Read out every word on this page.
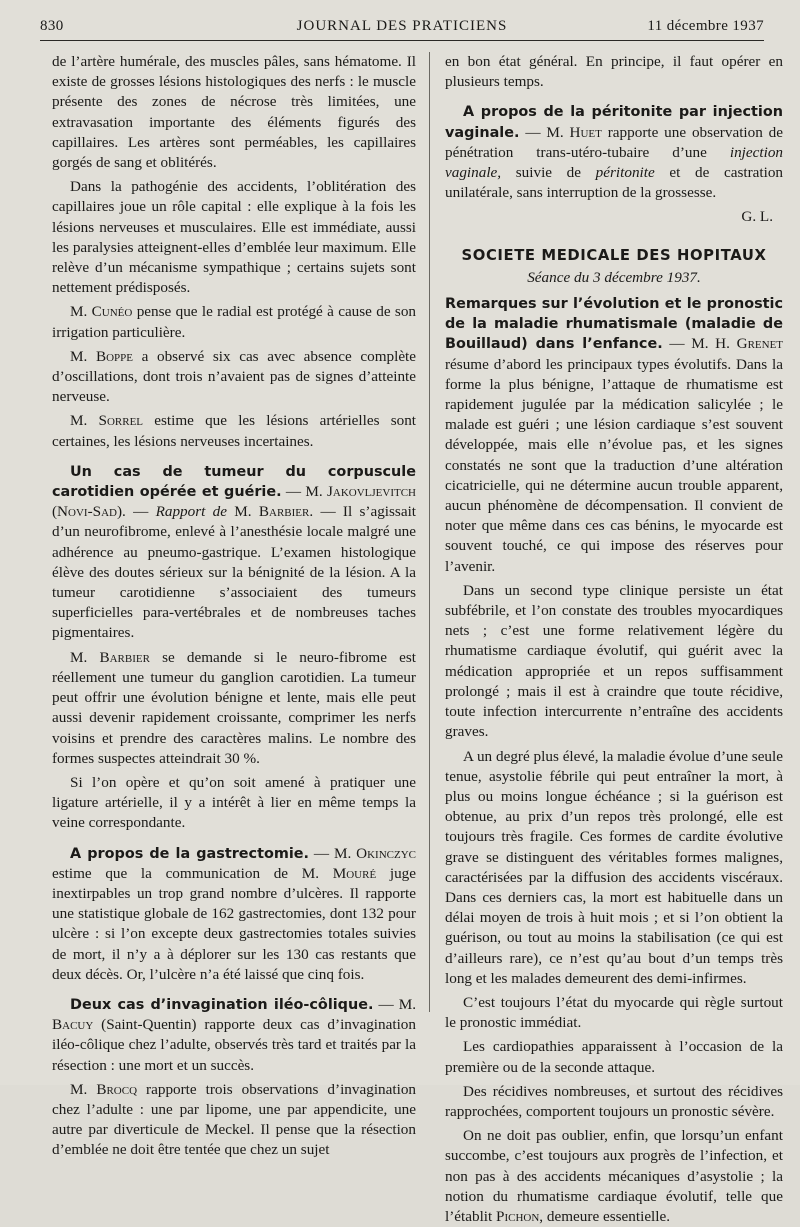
830	JOURNAL DES PRATICIENS	11 décembre 1937

de l’artère humérale, des muscles pâles, sans hématome. Il existe de grosses lésions histologiques des nerfs : le muscle présente des zones de nécrose très limitées, une extravasation importante des éléments figurés des capillaires. Les artères sont perméables, les capillaires gorgés de sang et oblitérés.

Dans la pathogénie des accidents, l’oblitération des capillaires joue un rôle capital : elle explique à la fois les lésions nerveuses et musculaires. Elle est immédiate, aussi les paralysies atteignent-elles d’emblée leur maximum. Elle relève d’un mécanisme sympathique ; certains sujets sont nettement prédisposés.

M. Cunéo pense que le radial est protégé à cause de son irrigation particulière.

M. Boppe a observé six cas avec absence complète d’oscillations, dont trois n’avaient pas de signes d’atteinte nerveuse.

M. Sorrel estime que les lésions artérielles sont certaines, les lésions nerveuses incertaines.

Un cas de tumeur du corpuscule carotidien opérée et guérie. — M. Jakovljevitch (Novi-Sad). — Rapport de M. Barbier. — Il s’agissait d’un neurofibrome, enlevé à l’anesthésie locale malgré une adhérence au pneumo-gastrique. L’examen histologique élève des doutes sérieux sur la bénignité de la lésion. A la tumeur carotidienne s’associaient des tumeurs superficielles para-vertébrales et de nombreuses taches pigmentaires.

M. Barbier se demande si le neuro-fibrome est réellement une tumeur du ganglion carotidien. La tumeur peut offrir une évolution bénigne et lente, mais elle peut aussi devenir rapidement croissante, comprimer les nerfs voisins et prendre des caractères malins. Le nombre des formes suspectes atteindrait 30 %.

Si l’on opère et qu’on soit amené à pratiquer une ligature artérielle, il y a intérêt à lier en même temps la veine correspondante.

A propos de la gastrectomie. — M. Okinczyc estime que la communication de M. Mouré juge inextirpables un trop grand nombre d’ulcères. Il rapporte une statistique globale de 162 gastrectomies, dont 132 pour ulcère : si l’on excepte deux gastrectomies totales suivies de mort, il n’y a à déplorer sur les 130 cas restants que deux décès. Or, l’ulcère n’a été laissé que cinq fois.

Deux cas d’invagination iléo-côlique. — M. Bacuy (Saint-Quentin) rapporte deux cas d’invagination iléo-côlique chez l’adulte, observés très tard et traités par la résection : une mort et un succès.

M. Brocq rapporte trois observations d’invagination chez l’adulte : une par lipome, une par appendicite, une autre par diverticule de Meckel. Il pense que la résection d’emblée ne doit être tentée que chez un sujet

en bon état général. En principe, il faut opérer en plusieurs temps.

A propos de la péritonite par injection vaginale. — M. Huet rapporte une observation de pénétration trans-utéro-tubaire d’une injection vaginale, suivie de péritonite et de castration unilatérale, sans interruption de la grossesse.

G. L.
SOCIETE MEDICALE DES HOPITAUX
Séance du 3 décembre 1937.

Remarques sur l’évolution et le pronostic de la maladie rhumatismale (maladie de Bouillaud) dans l’enfance. — M. H. Grenet résume d’abord les principaux types évolutifs. Dans la forme la plus bénigne, l’attaque de rhumatisme est rapidement jugulée par la médication salicylée ; le malade est guéri ; une lésion cardiaque s’est souvent développée, mais elle n’évolue pas, et les signes constatés ne sont que la traduction d’une altération cicatricielle, qui ne détermine aucun trouble apparent, aucun phénomène de décompensation. Il convient de noter que même dans ces cas bénins, le myocarde est souvent touché, ce qui impose des réserves pour l’avenir.

Dans un second type clinique persiste un état subfébrile, et l’on constate des troubles myocardiques nets ; c’est une forme relativement légère du rhumatisme cardiaque évolutif, qui guérit avec la médication appropriée et un repos suffisamment prolongé ; mais il est à craindre que toute récidive, toute infection intercurrente n’entraîne des accidents graves.

A un degré plus élevé, la maladie évolue d’une seule tenue, asystolie fébrile qui peut entraîner la mort, à plus ou moins longue échéance ; si la guérison est obtenue, au prix d’un repos très prolongé, elle est toujours très fragile. Ces formes de cardite évolutive grave se distinguent des véritables formes malignes, caractérisées par la diffusion des accidents viscéraux. Dans ces derniers cas, la mort est habituelle dans un délai moyen de trois à huit mois ; et si l’on obtient la guérison, ou tout au moins la stabilisation (ce qui est d’ailleurs rare), ce n’est qu’au bout d’un temps très long et les malades demeurent des demi-infirmes.

C’est toujours l’état du myocarde qui règle surtout le pronostic immédiat.

Les cardiopathies apparaissent à l’occasion de la première ou de la seconde attaque.

Des récidives nombreuses, et surtout des récidives rapprochées, comportent toujours un pronostic sévère.

On ne doit pas oublier, enfin, que lorsqu’un enfant succombe, c’est toujours aux progrès de l’infection, et non pas à des accidents mécaniques d’asystolie ; la notion du rhumatisme cardiaque évolutif, telle que l’établit Pichon, demeure essentielle.
